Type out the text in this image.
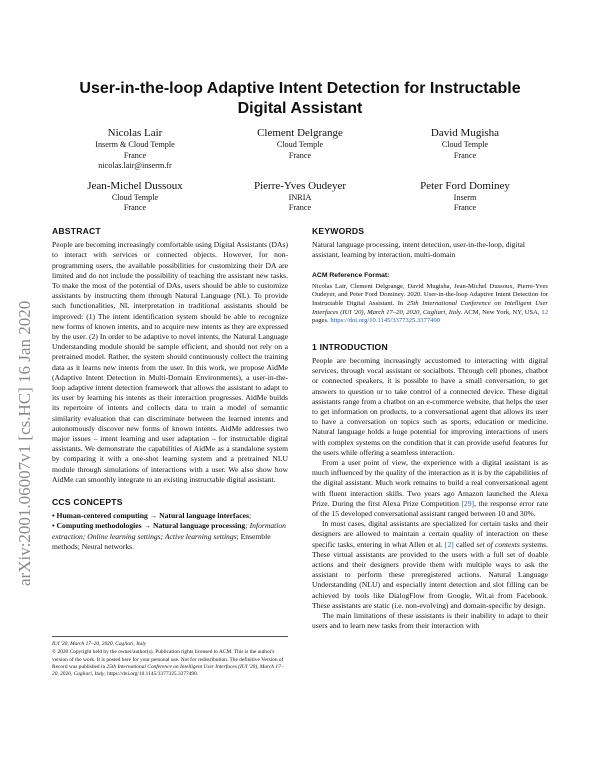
arXiv:2001.06007v1 [cs.HC] 16 Jan 2020
User-in-the-loop Adaptive Intent Detection for Instructable Digital Assistant
Nicolas Lair
Inserm & Cloud Temple
France
nicolas.lair@inserm.fr
Clement Delgrange
Cloud Temple
France
David Mugisha
Cloud Temple
France
Jean-Michel Dussoux
Cloud Temple
France
Pierre-Yves Oudeyer
INRIA
France
Peter Ford Dominey
Inserm
France
ABSTRACT

People are becoming increasingly comfortable using Digital Assistants (DAs) to interact with services or connected objects. However, for non-programming users, the available possibilities for customizing their DA are limited and do not include the possibility of teaching the assistant new tasks. To make the most of the potential of DAs, users should be able to customize assistants by instructing them through Natural Language (NL). To provide such functionalities, NL interpretation in traditional assistants should be improved: (1) The intent identification system should be able to recognize new forms of known intents, and to acquire new intents as they are expressed by the user. (2) In order to be adaptive to novel intents, the Natural Language Understanding module should be sample efficient, and should not rely on a pretrained model. Rather, the system should continuously collect the training data as it learns new intents from the user. In this work, we propose AidMe (Adaptive Intent Detection in Multi-Domain Environments), a user-in-the-loop adaptive intent detection framework that allows the assistant to adapt to its user by learning his intents as their interaction progresses. AidMe builds its repertoire of intents and collects data to train a model of semantic similarity evaluation that can discriminate between the learned intents and autonomously discover new forms of known intents. AidMe addresses two major issues – intent learning and user adaptation – for instructable digital assistants. We demonstrate the capabilities of AidMe as a standalone system by comparing it with a one-shot learning system and a pretrained NLU module through simulations of interactions with a user. We also show how AidMe can smoothly integrate to an existing instructable digital assistant.

CCS CONCEPTS

• Human-centered computing → Natural language interfaces;
• Computing methodologies → Natural language processing; Information extraction; Online learning settings; Active learning settings; Ensemble methods; Neural networks.

IUI '20, March 17–20, 2020, Cagliari, Italy
© 2020 Copyright held by the owner/author(s). Publication rights licensed to ACM. This is the author's version of the work. It is posted here for your personal use. Not for redistribution. The definitive Version of Record was published in 25th International Conference on Intelligent User Interfaces (IUI '20), March 17–20, 2020, Cagliari, Italy, https://doi.org/10.1145/3377325.3377490.
KEYWORDS

Natural language processing, intent detection, user-in-the-loop, digital assistant, learning by interaction, multi-domain

ACM Reference Format:

Nicolas Lair, Clement Delgrange, David Mugisha, Jean-Michel Dussoux, Pierre-Yves Oudeyer, and Peter Ford Dominey. 2020. User-in-the-loop Adaptive Intent Detection for Instructable Digital Assistant. In 25th International Conference on Intelligent User Interfaces (IUI '20), March 17–20, 2020, Cagliari, Italy. ACM, New York, NY, USA, 12 pages. https://doi.org/10.1145/3377325.3377490

1 INTRODUCTION

People are becoming increasingly accustomed to interacting with digital services, through vocal assistant or socialbots. Through cell phones, chatbot or connected speakers, it is possible to have a small conversation, to get answers to question or to take control of a connected device. These digital assistants range from a chatbot on an e-commerce website, that helps the user to get information on products, to a conversational agent that allows its user to have a conversation on topics such as sports, education or medicine. Natural language holds a huge potential for improving interactions of users with complex systems on the condition that it can provide useful features for the users while offering a seamless interaction.

From a user point of view, the experience with a digital assistant is as much influenced by the quality of the interaction as it is by the capabilities of the digital assistant. Much work remains to build a real conversational agent with fluent interaction skills. Two years ago Amazon launched the Alexa Prize. During the first Alexa Prize Competition [29], the response error rate of the 15 developed conversational assistant ranged between 10 and 30%.

In most cases, digital assistants are specialized for certain tasks and their designers are allowed to maintain a certain quality of interaction on these specific tasks, entering in what Allen et al. [2] called set of contexts systems. These virtual assistants are provided to the users with a full set of doable actions and their designers provide them with multiple ways to ask the assistant to perform these preregistered actions. Natural Language Understanding (NLU) and especially intent detection and slot filling can be achieved by tools like DialogFlow from Google, Wit.ai from Facebook. These assistants are static (i.e. non-evolving) and domain-specific by design.

The main limitations of these assistants is their inability to adapt to their users and to learn new tasks from their interaction with
